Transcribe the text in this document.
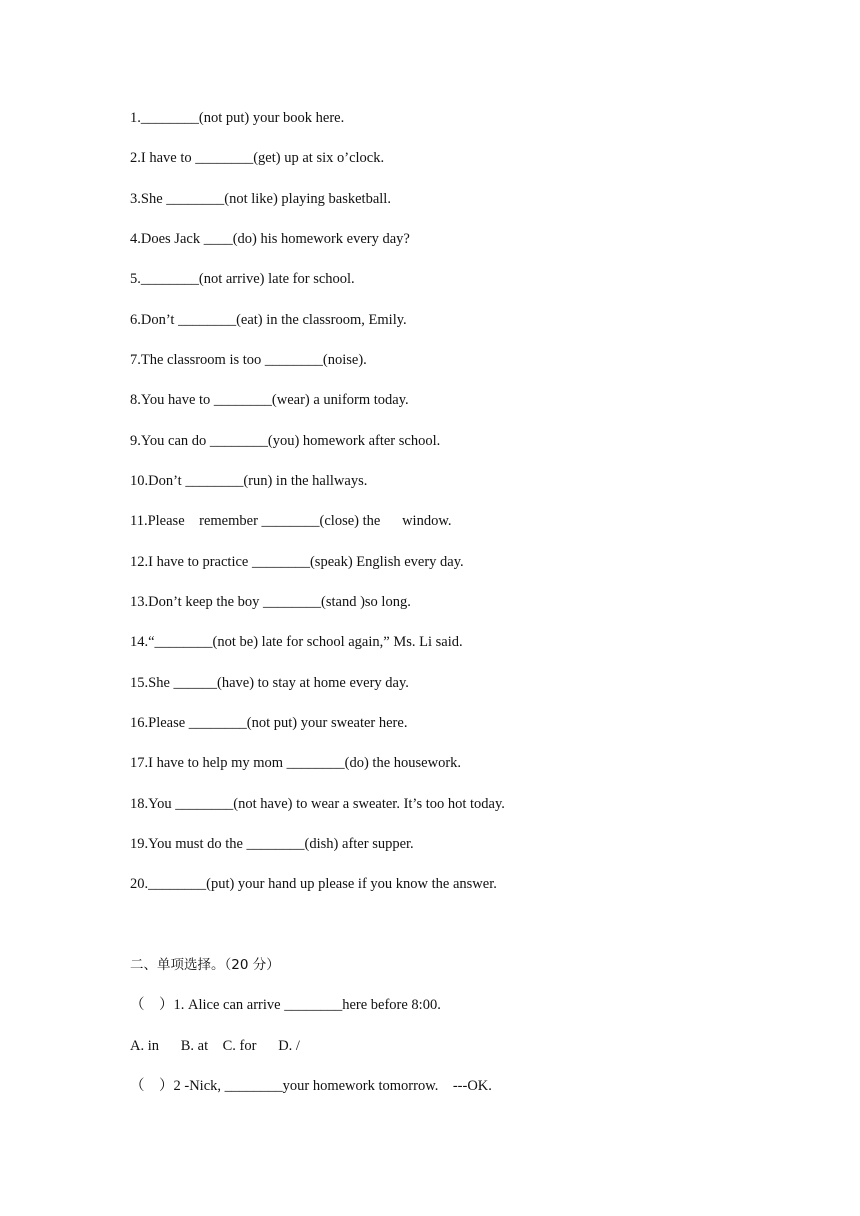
1.________(not put) your book here.
2.I have to ________(get) up at six o’clock.
3.She ________(not like) playing basketball.
4.Does Jack ____(do) his homework every day?
5.________(not arrive) late for school.
6.Don’t ________(eat) in the classroom, Emily.
7.The classroom is too ________(noise).
8.You have to ________(wear) a uniform today.
9.You can do ________(you) homework after school.
10.Don’t ________(run) in the hallways.
11.Please    remember ________(close) the      window.
12.I have to practice ________(speak) English every day.
13.Don’t keep the boy ________(stand )so long.
14.“________(not be) late for school again,” Ms. Li said.
15.She ______(have) to stay at home every day.
16.Please ________(not put) your sweater here.
17.I have to help my mom ________(do) the housework.
18.You ________(not have) to wear a sweater. It’s too hot today.
19.You must do the ________(dish) after supper.
20.________(put) your hand up please if you know the answer.
二、单项选择。（20 分）
（    ）1. Alice can arrive ________here before 8:00.
A. in      B. at    C. for      D. /
（    ）2 -Nick, ________your homework tomorrow.    ---OK.
